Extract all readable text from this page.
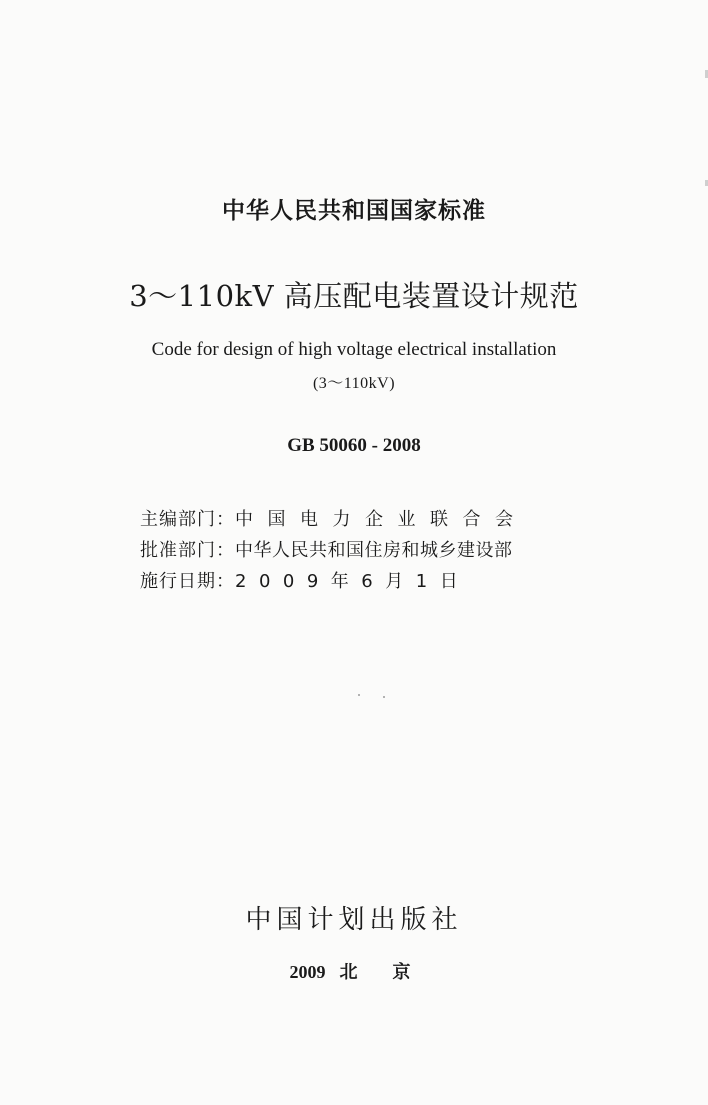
中华人民共和国国家标准
3～110kV 高压配电装置设计规范
Code for design of high voltage electrical installation
(3～110kV)
GB 50060 - 2008
主编部门： 中国电力企业联合会
批准部门： 中华人民共和国住房和城乡建设部
施行日期： 2009年6月1日
中国计划出版社
2009 北    京
